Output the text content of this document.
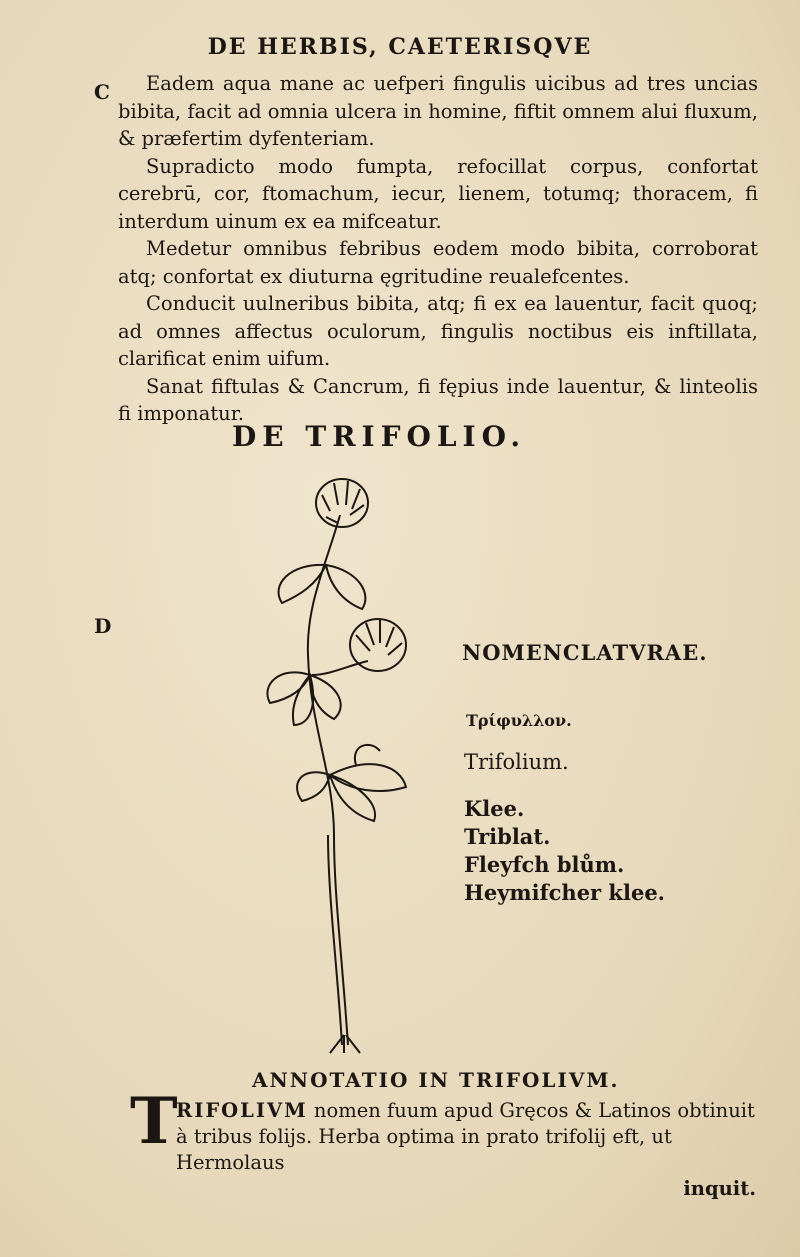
DE HERBIS, CAETERISQVE
C
D

Eadem aqua mane ac uefperi fingulis uicibus ad tres uncias bibita, facit ad omnia ulcera in homine, fiftit omnem alui fluxum, & præfertim dyfenteriam.

Supradicto modo fumpta, refocillat corpus, confortat cerebrū, cor, ftomachum, iecur, lienem, totumq; thoracem, fi interdum uinum ex ea mifceatur.

Medetur omnibus febribus eodem modo bibita, corroborat atq; confortat ex diuturna ęgritudine reualefcentes.

Conducit uulneribus bibita, atq; fi ex ea lauentur, facit quoq; ad omnes affectus oculorum, fingulis noctibus eis inftillata, clarificat enim uifum.

Sanat fiftulas & Cancrum, fi fępius inde lauentur, & linteolis fi imponatur.

DE TRIFOLIO.
NOMENCLATVRAE.
Τρίφυλλον.
Trifolium.
Klee.
Triblat.
Fleyfch blům.
Heymifcher klee.
ANNOTATIO IN TRIFOLIVM.
T
RIFOLIVM nomen fuum apud Gręcos & Latinos obtinuit à tribus folijs. Herba optima in prato trifolij eft, ut Hermolaus
inquit.
